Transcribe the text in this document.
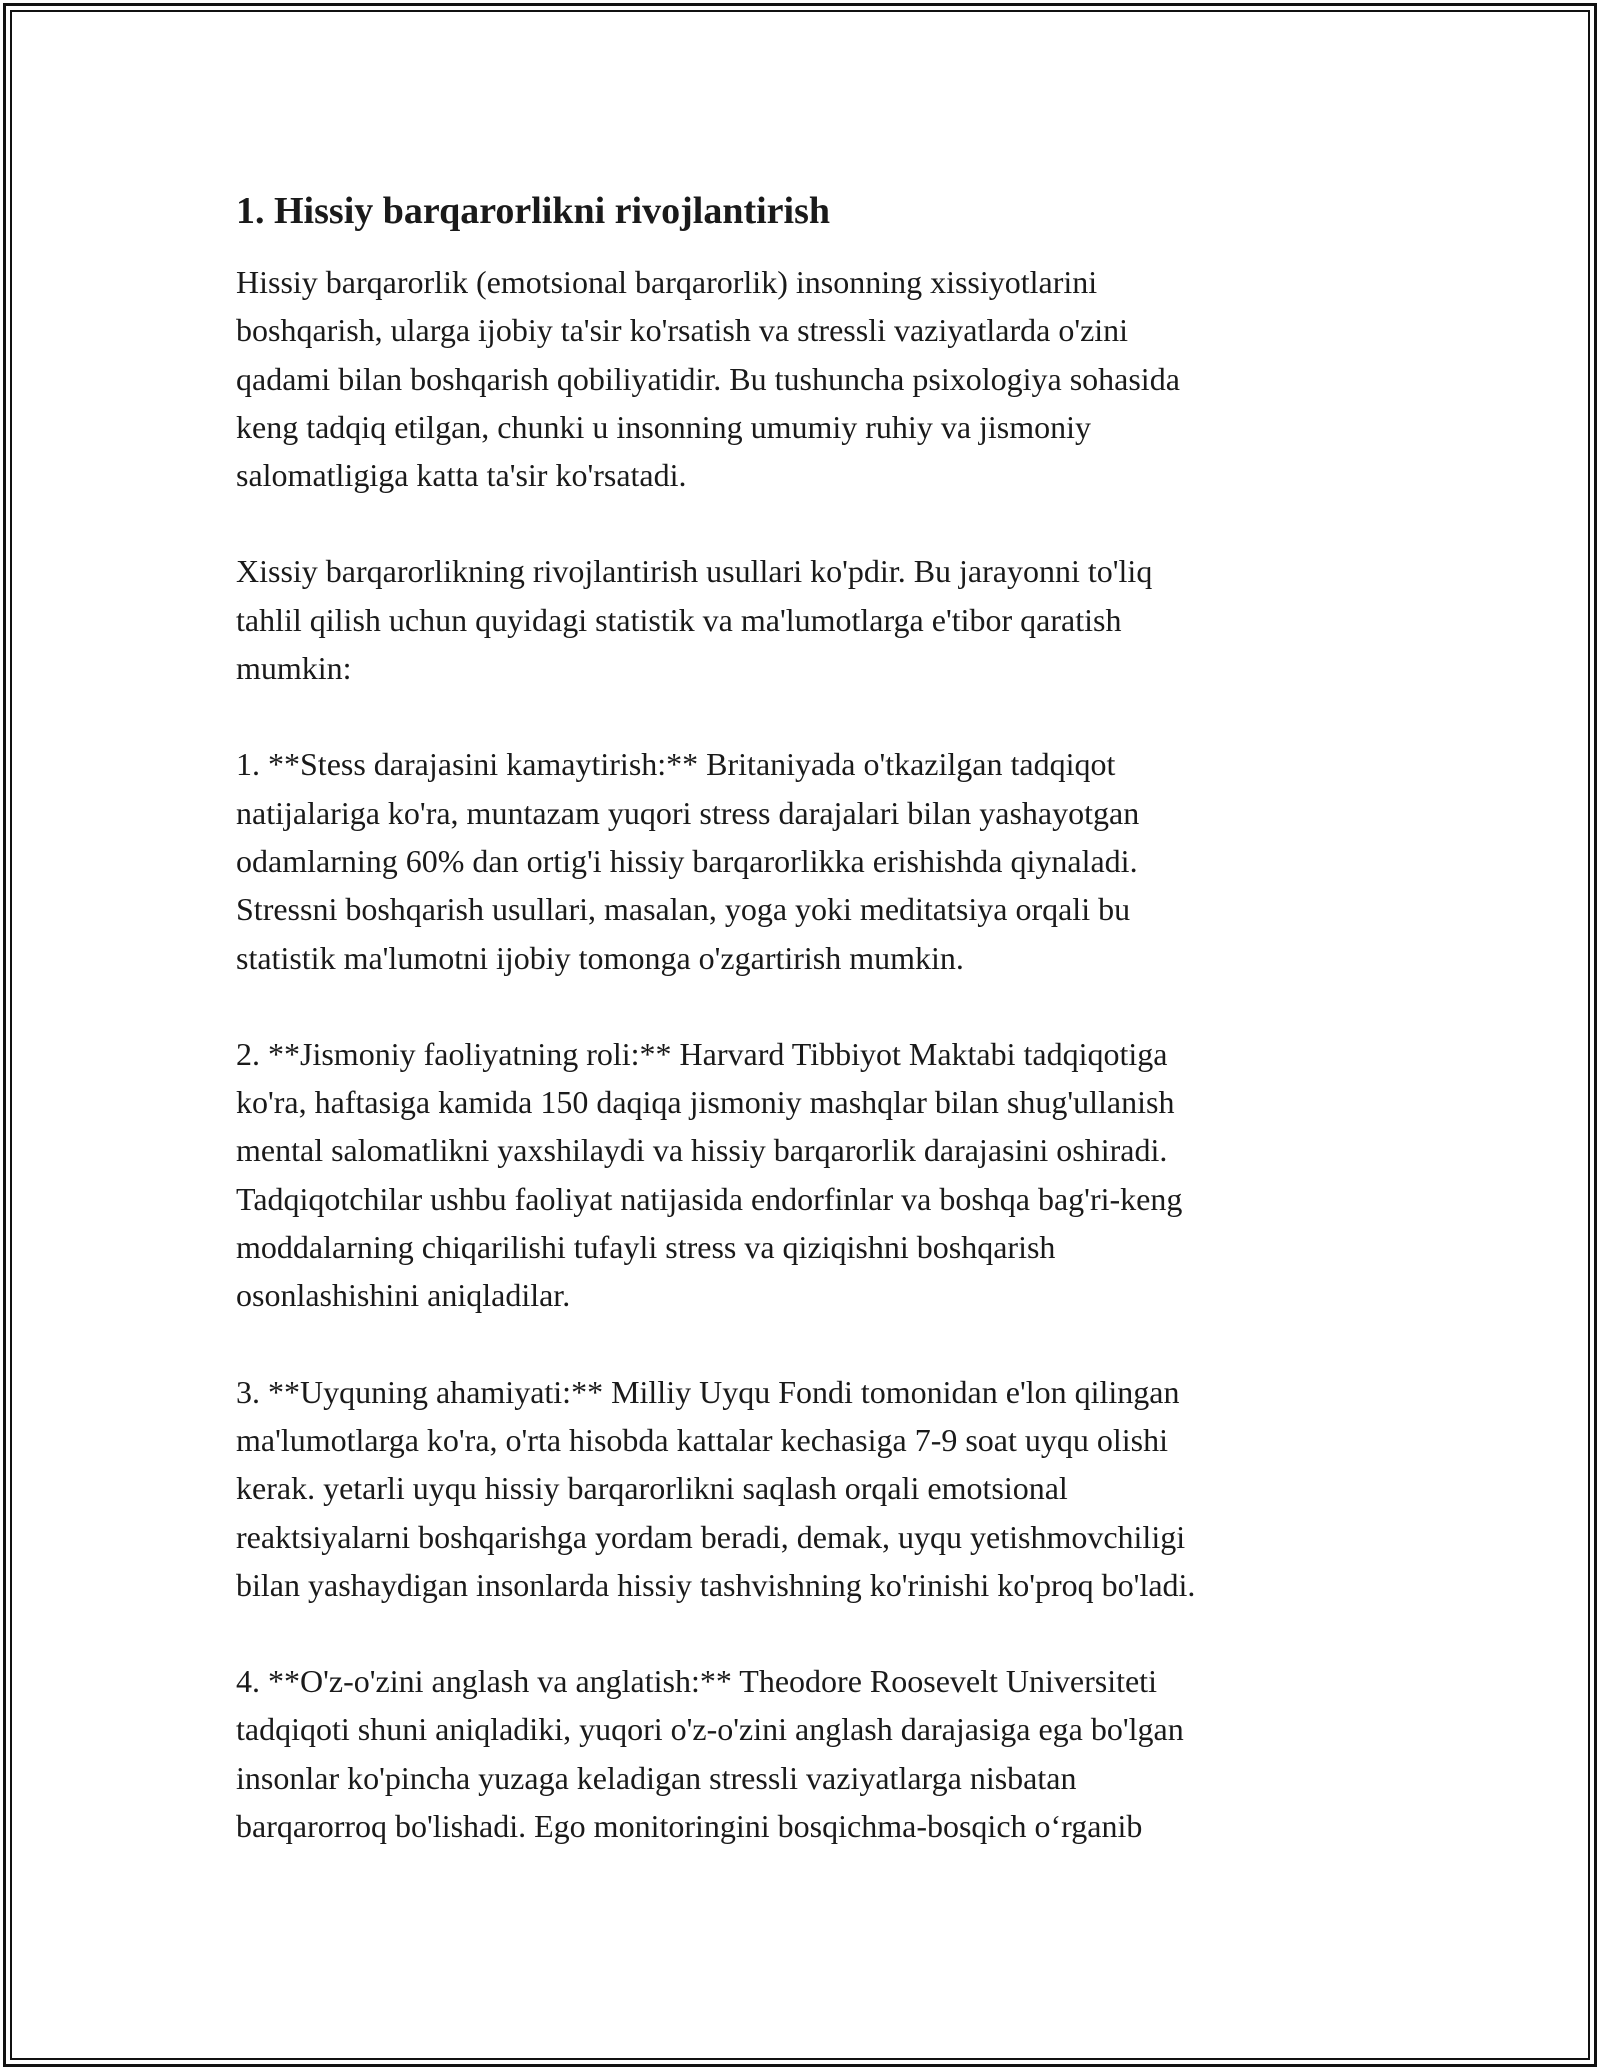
1. Hissiy barqarorlikni rivojlantirish
Hissiy barqarorlik (emotsional barqarorlik) insonning xissiyotlarini
boshqarish, ularga ijobiy ta'sir ko'rsatish va stressli vaziyatlarda o'zini
qadami bilan boshqarish qobiliyatidir. Bu tushuncha psixologiya sohasida
keng tadqiq etilgan, chunki u insonning umumiy ruhiy va jismoniy
salomatligiga katta ta'sir ko'rsatadi.
Xissiy barqarorlikning rivojlantirish usullari ko'pdir. Bu jarayonni to'liq
tahlil qilish uchun quyidagi statistik va ma'lumotlarga e'tibor qaratish
mumkin:
1. **Stess darajasini kamaytirish:** Britaniyada o'tkazilgan tadqiqot
natijalariga ko'ra, muntazam yuqori stress darajalari bilan yashayotgan
odamlarning 60% dan ortig'i hissiy barqarorlikka erishishda qiynaladi.
Stressni boshqarish usullari, masalan, yoga yoki meditatsiya orqali bu
statistik ma'lumotni ijobiy tomonga o'zgartirish mumkin.
2. **Jismoniy faoliyatning roli:** Harvard Tibbiyot Maktabi tadqiqotiga
ko'ra, haftasiga kamida 150 daqiqa jismoniy mashqlar bilan shug'ullanish
mental salomatlikni yaxshilaydi va hissiy barqarorlik darajasini oshiradi.
Tadqiqotchilar ushbu faoliyat natijasida endorfinlar va boshqa bag'ri-keng
moddalarning chiqarilishi tufayli stress va qiziqishni boshqarish
osonlashishini aniqladilar.
3. **Uyquning ahamiyati:** Milliy Uyqu Fondi tomonidan e'lon qilingan
ma'lumotlarga ko'ra, o'rta hisobda kattalar kechasiga 7-9 soat uyqu olishi
kerak. yetarli uyqu hissiy barqarorlikni saqlash orqali emotsional
reaktsiyalarni boshqarishga yordam beradi, demak, uyqu yetishmovchiligi
bilan yashaydigan insonlarda hissiy tashvishning ko'rinishi ko'proq bo'ladi.
4. **O'z-o'zini anglash va anglatish:** Theodore Roosevelt Universiteti
tadqiqoti shuni aniqladiki, yuqori o'z-o'zini anglash darajasiga ega bo'lgan
insonlar ko'pincha yuzaga keladigan stressli vaziyatlarga nisbatan
barqarorroq bo'lishadi. Ego monitoringini bosqichma-bosqich o‘rganib
